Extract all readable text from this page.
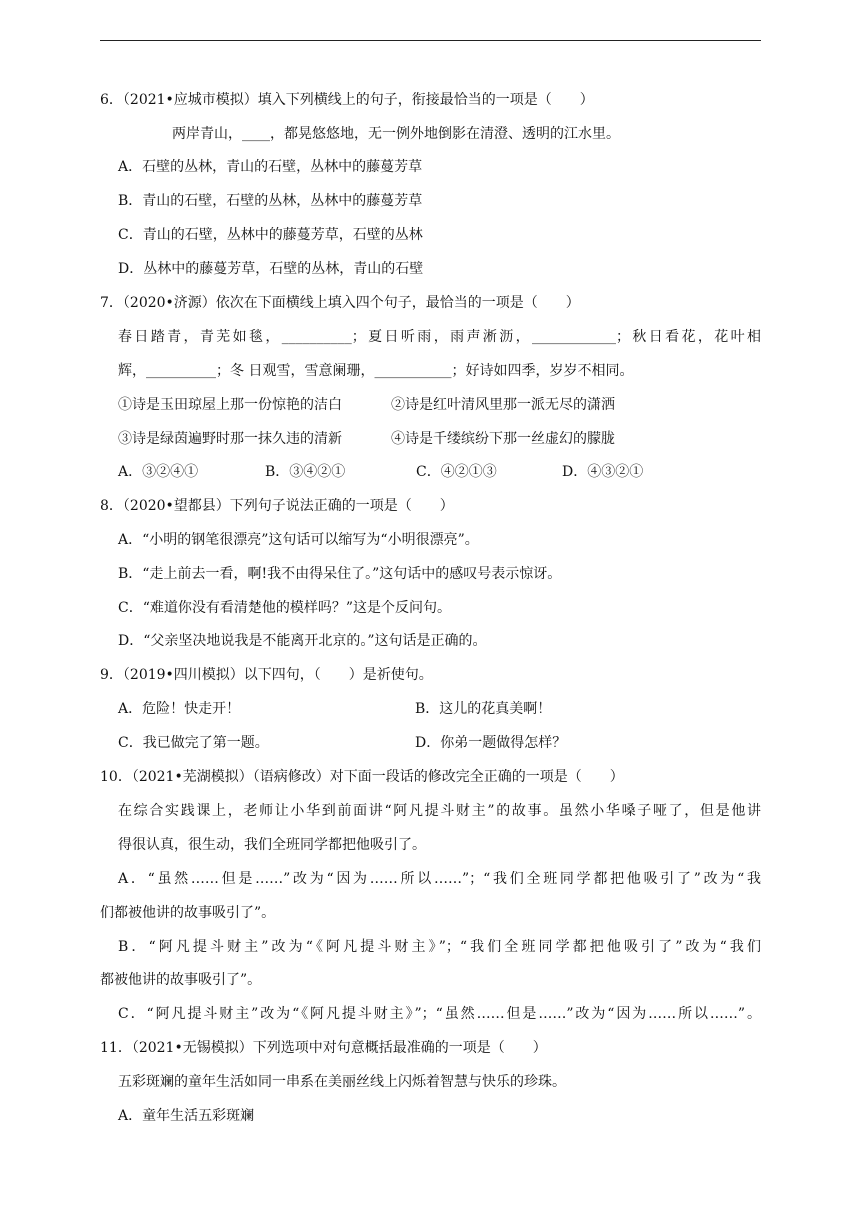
6．（2021•应城市模拟）填入下列横线上的句子，衔接最恰当的一项是（　　）
两岸青山，____，都晃悠悠地，无一例外地倒影在清澄、透明的江水里。
A．石壁的丛林，青山的石壁，丛林中的藤蔓芳草
B．青山的石壁，石壁的丛林，丛林中的藤蔓芳草
C．青山的石壁，丛林中的藤蔓芳草，石壁的丛林
D．丛林中的藤蔓芳草，石壁的丛林，青山的石壁
7．（2020•济源）依次在下面横线上填入四个句子，最恰当的一项是（　　）
春日踏青，青芜如毯，__________；夏日听雨，雨声淅沥，____________；秋日看花，花叶相
辉，__________；冬 日观雪，雪意阑珊，___________；好诗如四季，岁岁不相同。
①诗是玉田琼屋上那一份惊艳的洁白	②诗是红叶清风里那一派无尽的潇洒
③诗是绿茵遍野时那一抹久违的清新	④诗是千缕缤纷下那一丝虚幻的朦胧
A．③②④①	B．③④②①	C．④②①③	D．④③②①
8．（2020•望都县）下列句子说法正确的一项是（　　）
A．“小明的钢笔很漂亮”这句话可以缩写为“小明很漂亮”。
B．“走上前去一看，啊!我不由得呆住了。”这句话中的感叹号表示惊讶。
C．“难道你没有看清楚他的模样吗？”这是个反问句。
D．“父亲坚决地说我是不能离开北京的。”这句话是正确的。
9．（2019•四川模拟）以下四句，（　　）是祈使句。
A．危险！快走开！	B．这儿的花真美啊！
C．我已做完了第一题。	D．你弟一题做得怎样？
10．（2021•芜湖模拟）（语病修改）对下面一段话的修改完全正确的一项是（　　）
在综合实践课上，老师让小华到前面讲“阿凡提斗财主”的故事。虽然小华嗓子哑了，但是他讲
得很认真，很生动，我们全班同学都把他吸引了。
A．“虽然……但是……”改为“因为……所以……”；“我们全班同学都把他吸引了”改为“我
们都被他讲的故事吸引了”。
B．“阿凡提斗财主”改为“《阿凡提斗财主》”；“我们全班同学都把他吸引了”改为“我们
都被他讲的故事吸引了”。
C．“阿凡提斗财主”改为“《阿凡提斗财主》”；“虽然……但是……”改为“因为……所以……”。
11．（2021•无锡模拟）下列选项中对句意概括最准确的一项是（　　）
五彩斑斓的童年生活如同一串系在美丽丝线上闪烁着智慧与快乐的珍珠。
A．童年生活五彩斑斓
